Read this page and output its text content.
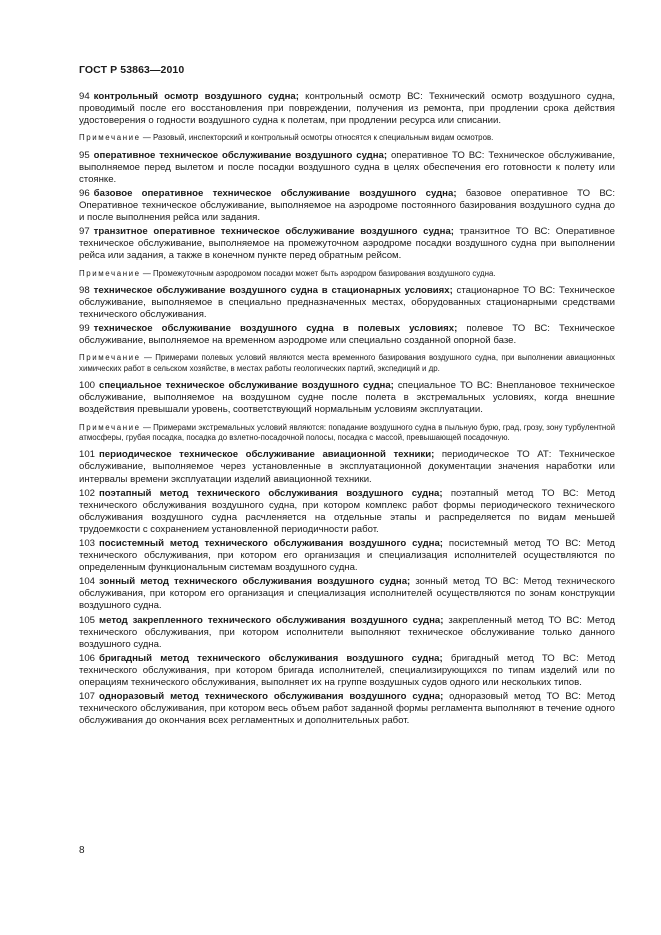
ГОСТ Р 53863—2010

94 контрольный осмотр воздушного судна; контрольный осмотр ВС: Технический осмотр воздушного судна, проводимый после его восстановления при повреждении, получения из ремонта, при продлении срока действия удостоверения о годности воздушного судна к полетам, при продлении ресурса или списании.

Примечание — Разовый, инспекторский и контрольный осмотры относятся к специальным видам осмотров.

95 оперативное техническое обслуживание воздушного судна; оперативное ТО ВС: Техническое обслуживание, выполняемое перед вылетом и после посадки воздушного судна в целях обеспечения его готовности к полету или стоянке.

96 базовое оперативное техническое обслуживание воздушного судна; базовое оперативное ТО ВС: Оперативное техническое обслуживание, выполняемое на аэродроме постоянного базирования воздушного судна до и после выполнения рейса или задания.

97 транзитное оперативное техническое обслуживание воздушного судна; транзитное ТО ВС: Оперативное техническое обслуживание, выполняемое на промежуточном аэродроме посадки воздушного судна при выполнении рейса или задания, а также в конечном пункте перед обратным рейсом.

Примечание — Промежуточным аэродромом посадки может быть аэродром базирования воздушного судна.

98 техническое обслуживание воздушного судна в стационарных условиях; стационарное ТО ВС: Техническое обслуживание, выполняемое в специально предназначенных местах, оборудованных стационарными средствами технического обслуживания.

99 техническое обслуживание воздушного судна в полевых условиях; полевое ТО ВС: Техническое обслуживание, выполняемое на временном аэродроме или специально созданной опорной базе.

Примечание — Примерами полевых условий являются места временного базирования воздушного судна, при выполнении авиационных химических работ в сельском хозяйстве, в местах работы геологических партий, экспедиций и др.

100 специальное техническое обслуживание воздушного судна; специальное ТО ВС: Внеплановое техническое обслуживание, выполняемое на воздушном судне после полета в экстремальных условиях, когда внешние воздействия превышали уровень, соответствующий нормальным условиям эксплуатации.

Примечание — Примерами экстремальных условий являются: попадание воздушного судна в пыльную бурю, град, грозу, зону турбулентной атмосферы, грубая посадка, посадка до взлетно-посадочной полосы, посадка с массой, превышающей посадочную.

101 периодическое техническое обслуживание авиационной техники; периодическое ТО АТ: Техническое обслуживание, выполняемое через установленные в эксплуатационной документации значения наработки или интервалы времени эксплуатации изделий авиационной техники.

102 поэтапный метод технического обслуживания воздушного судна; поэтапный метод ТО ВС: Метод технического обслуживания воздушного судна, при котором комплекс работ формы периодического технического обслуживания воздушного судна расчленяется на отдельные этапы и распределяется по видам меньшей трудоемкости с сохранением установленной периодичности работ.

103 посистемный метод технического обслуживания воздушного судна; посистемный метод ТО ВС: Метод технического обслуживания, при котором его организация и специализация исполнителей осуществляются по определенным функциональным системам воздушного судна.

104 зонный метод технического обслуживания воздушного судна; зонный метод ТО ВС: Метод технического обслуживания, при котором его организация и специализация исполнителей осуществляются по зонам конструкции воздушного судна.

105 метод закрепленного технического обслуживания воздушного судна; закрепленный метод ТО ВС: Метод технического обслуживания, при котором исполнители выполняют техническое обслуживание только данного воздушного судна.

106 бригадный метод технического обслуживания воздушного судна; бригадный метод ТО ВС: Метод технического обслуживания, при котором бригада исполнителей, специализирующихся по типам изделий или по операциям технического обслуживания, выполняет их на группе воздушных судов одного или нескольких типов.

107 одноразовый метод технического обслуживания воздушного судна; одноразовый метод ТО ВС: Метод технического обслуживания, при котором весь объем работ заданной формы регламента выполняют в течение одного обслуживания до окончания всех регламентных и дополнительных работ.

8
